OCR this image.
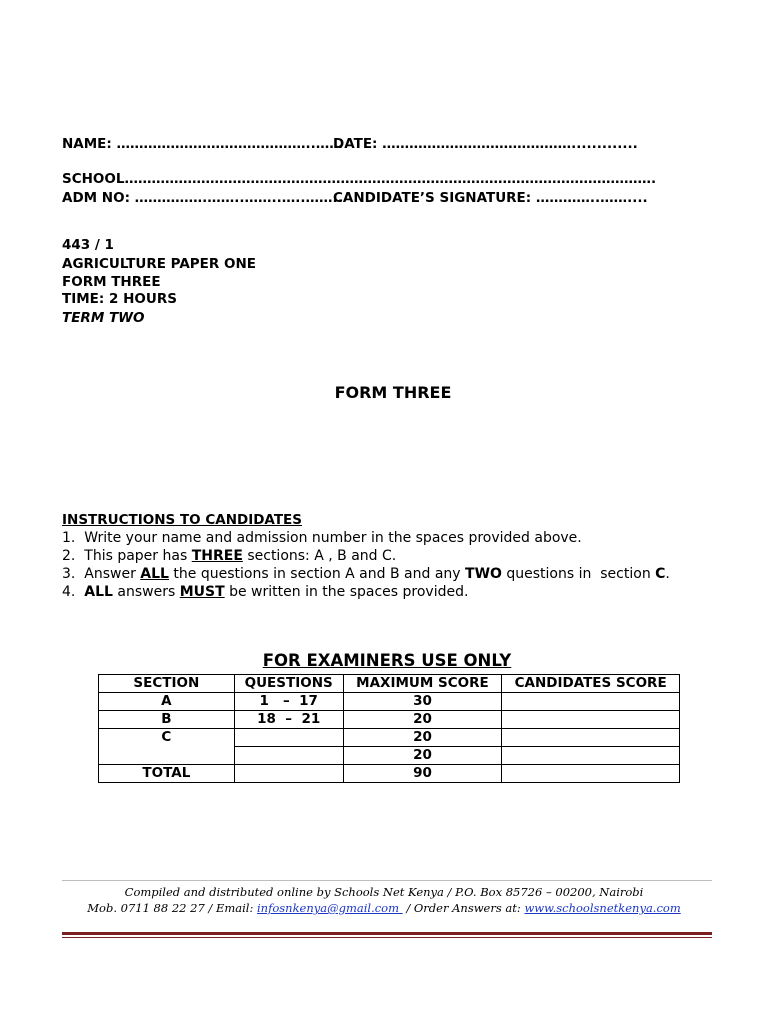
NAME: ……………………………………..……
DATE: …………………………………….............
SCHOOL……………………………………………………………………………………………………….
ADM NO: …………….……..……..…..……..
CANDIDATE’S SIGNATURE: …………..……....
443 / 1
AGRICULTURE PAPER ONE
FORM THREE
TIME: 2 HOURS
TERM TWO
FORM THREE
INSTRUCTIONS TO CANDIDATES
1. Write your name and admission number in the spaces provided above.
2. This paper has THREE sections: A , B and C.
3. Answer ALL the questions in section A and B and any TWO questions in  section C.
4. ALL answers MUST be written in the spaces provided.
FOR EXAMINERS USE ONLY
SECTION	QUESTIONS	MAXIMUM SCORE	CANDIDATES SCORE
A	1   –  17	30	
B	18  –  21	20	
C		20	
		20	
TOTAL		90	
Compiled and distributed online by Schools Net Kenya / P.O. Box 85726 – 00200, Nairobi
Mob. 0711 88 22 27 / Email: infosnkenya@gmail.com  / Order Answers at: www.schoolsnetkenya.com
